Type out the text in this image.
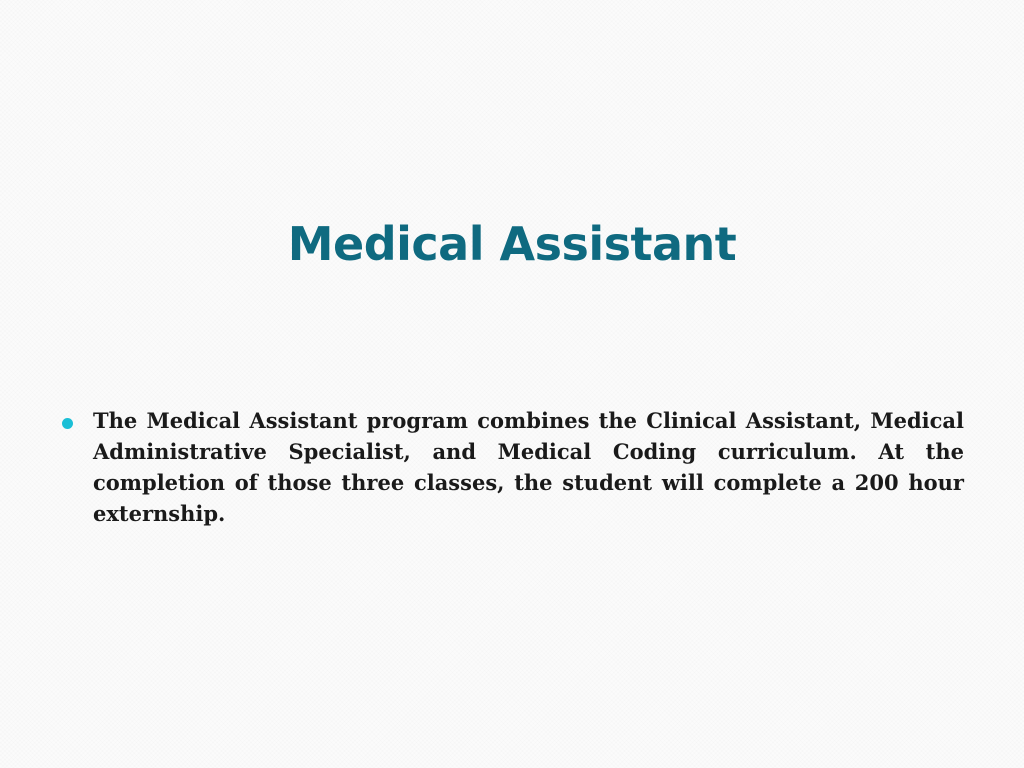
Medical Assistant

The Medical Assistant program combines the Clinical Assistant, Medical Administrative Specialist, and Medical Coding curriculum. At the completion of those three classes, the student will complete a 200 hour externship.
